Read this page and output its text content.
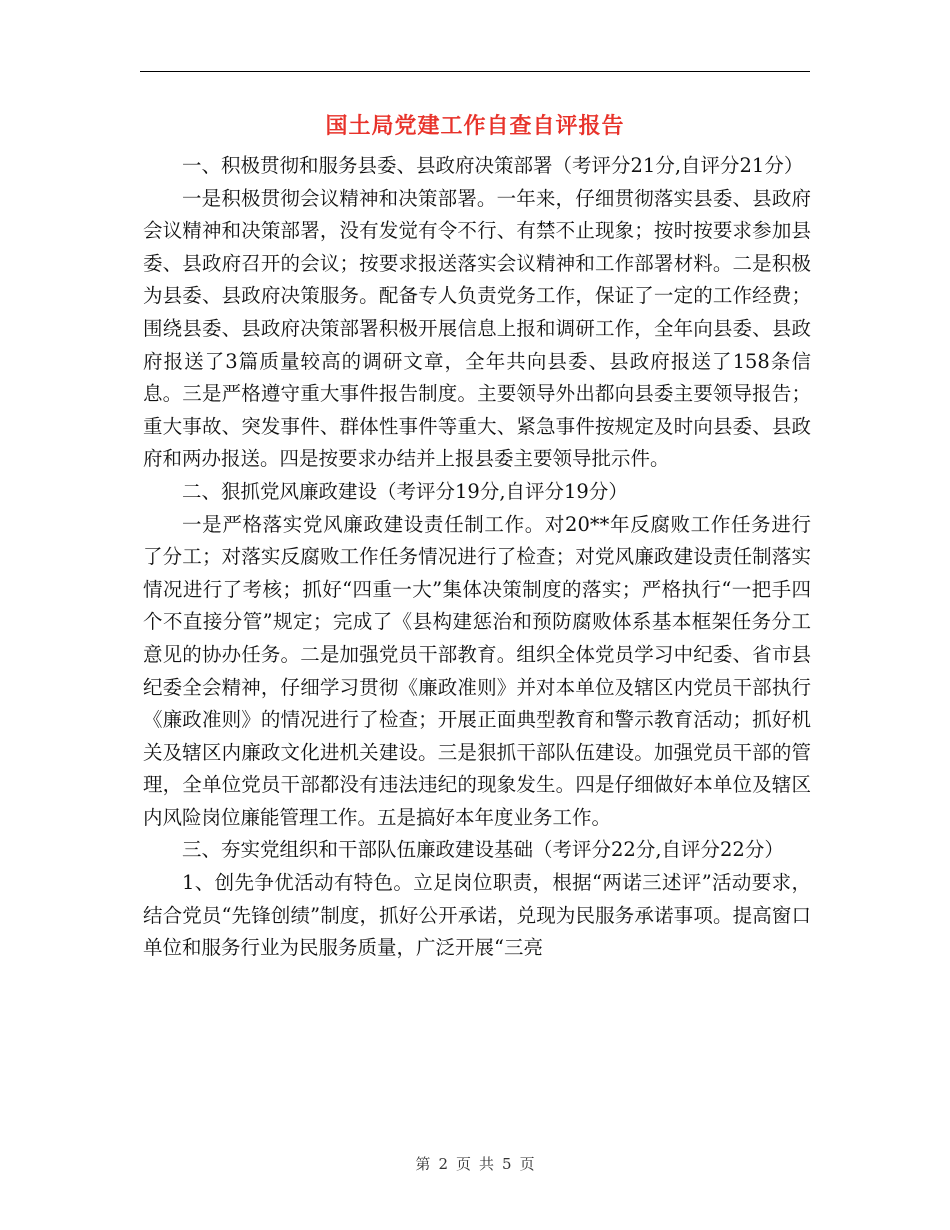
国土局党建工作自查自评报告

一、积极贯彻和服务县委、县政府决策部署（考评分21分,自评分21分）

一是积极贯彻会议精神和决策部署。一年来，仔细贯彻落实县委、县政府会议精神和决策部署，没有发觉有令不行、有禁不止现象；按时按要求参加县委、县政府召开的会议；按要求报送落实会议精神和工作部署材料。二是积极为县委、县政府决策服务。配备专人负责党务工作，保证了一定的工作经费；围绕县委、县政府决策部署积极开展信息上报和调研工作，全年向县委、县政府报送了3篇质量较高的调研文章，全年共向县委、县政府报送了158条信息。三是严格遵守重大事件报告制度。主要领导外出都向县委主要领导报告；重大事故、突发事件、群体性事件等重大、紧急事件按规定及时向县委、县政府和两办报送。四是按要求办结并上报县委主要领导批示件。

二、狠抓党风廉政建设（考评分19分,自评分19分）

一是严格落实党风廉政建设责任制工作。对20**年反腐败工作任务进行了分工；对落实反腐败工作任务情况进行了检查；对党风廉政建设责任制落实情况进行了考核；抓好“四重一大”集体决策制度的落实；严格执行“一把手四个不直接分管”规定；完成了《县构建惩治和预防腐败体系基本框架任务分工意见的协办任务。二是加强党员干部教育。组织全体党员学习中纪委、省市县纪委全会精神，仔细学习贯彻《廉政准则》并对本单位及辖区内党员干部执行《廉政准则》的情况进行了检查；开展正面典型教育和警示教育活动；抓好机关及辖区内廉政文化进机关建设。三是狠抓干部队伍建设。加强党员干部的管理，全单位党员干部都没有违法违纪的现象发生。四是仔细做好本单位及辖区内风险岗位廉能管理工作。五是搞好本年度业务工作。

三、夯实党组织和干部队伍廉政建设基础（考评分22分,自评分22分）

1、创先争优活动有特色。立足岗位职责，根据“两诺三述评”活动要求，结合党员“先锋创绩”制度，抓好公开承诺，兑现为民服务承诺事项。提高窗口单位和服务行业为民服务质量，广泛开展“三亮

第 2 页 共 5 页
